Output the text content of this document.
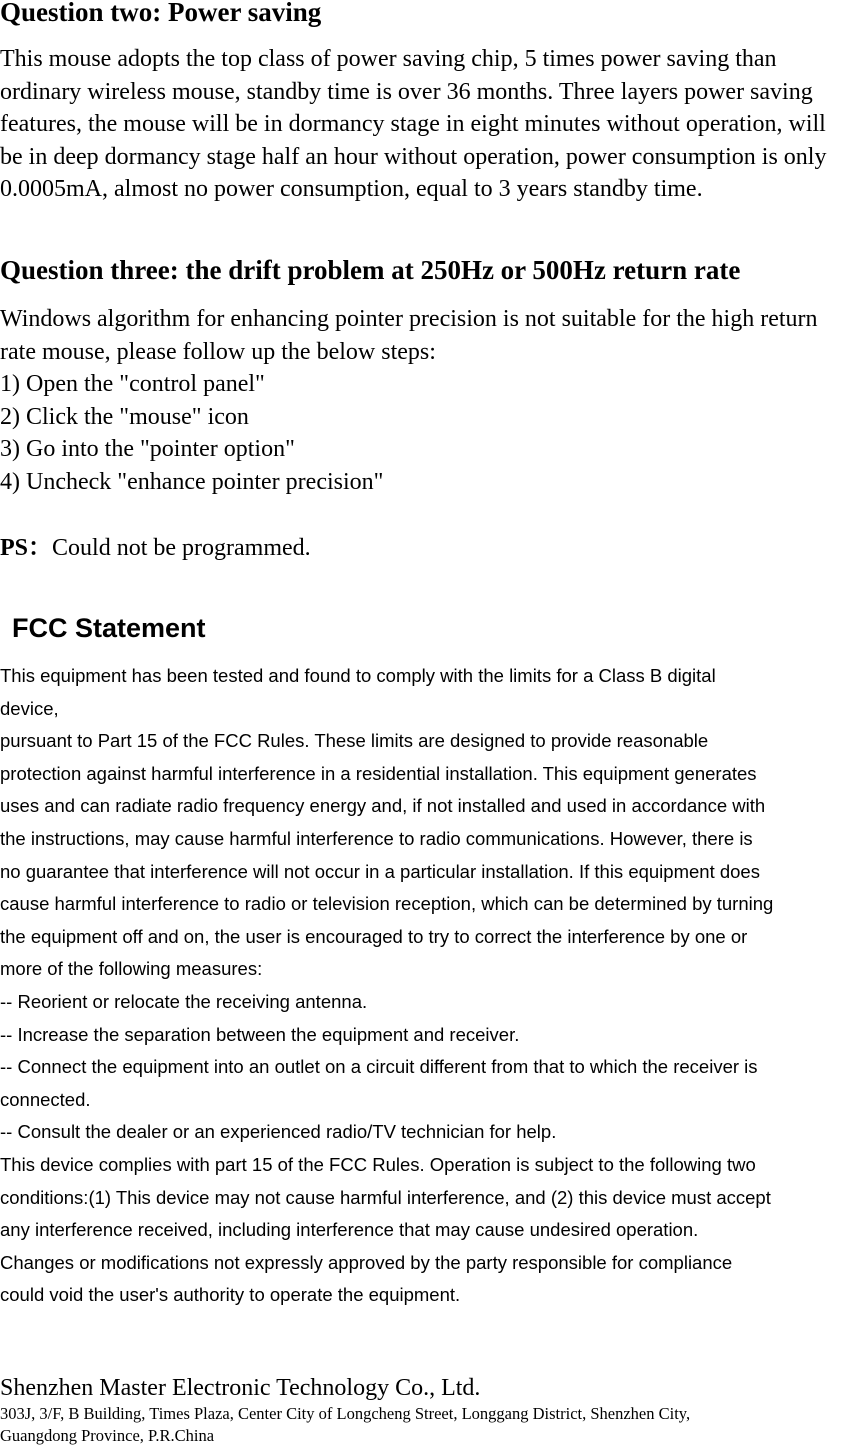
Question two: Power saving
This mouse adopts the top class of power saving chip, 5 times power saving than
ordinary wireless mouse, standby time is over 36 months. Three layers power saving
features, the mouse will be in dormancy stage in eight minutes without operation, will
be in deep dormancy stage half an hour without operation, power consumption is only
0.0005mA, almost no power consumption, equal to 3 years standby time.
Question three: the drift problem at 250Hz or 500Hz return rate
Windows algorithm for enhancing pointer precision is not suitable for the high return
rate mouse, please follow up the below steps:
1) Open the "control panel"
2) Click the "mouse" icon
3) Go into the "pointer option"
4) Uncheck "enhance pointer precision"
PS：Could not be programmed.
FCC Statement
This equipment has been tested and found to comply with the limits for a Class B digital
device,
pursuant to Part 15 of the FCC Rules. These limits are designed to provide reasonable
protection against harmful interference in a residential installation. This equipment generates
uses and can radiate radio frequency energy and, if not installed and used in accordance with
the instructions, may cause harmful interference to radio communications. However, there is
no guarantee that interference will not occur in a particular installation. If this equipment does
cause harmful interference to radio or television reception, which can be determined by turning
the equipment off and on, the user is encouraged to try to correct the interference by one or
more of the following measures:
-- Reorient or relocate the receiving antenna.
-- Increase the separation between the equipment and receiver.
-- Connect the equipment into an outlet on a circuit different from that to which the receiver is
connected.
-- Consult the dealer or an experienced radio/TV technician for help.
This device complies with part 15 of the FCC Rules. Operation is subject to the following two
conditions:(1) This device may not cause harmful interference, and (2) this device must accept
any interference received, including interference that may cause undesired operation.
Changes or modifications not expressly approved by the party responsible for compliance
could void the user's authority to operate the equipment.
Shenzhen Master Electronic Technology Co., Ltd.
303J, 3/F, B Building, Times Plaza, Center City of Longcheng Street, Longgang District, Shenzhen City,
Guangdong Province, P.R.China
